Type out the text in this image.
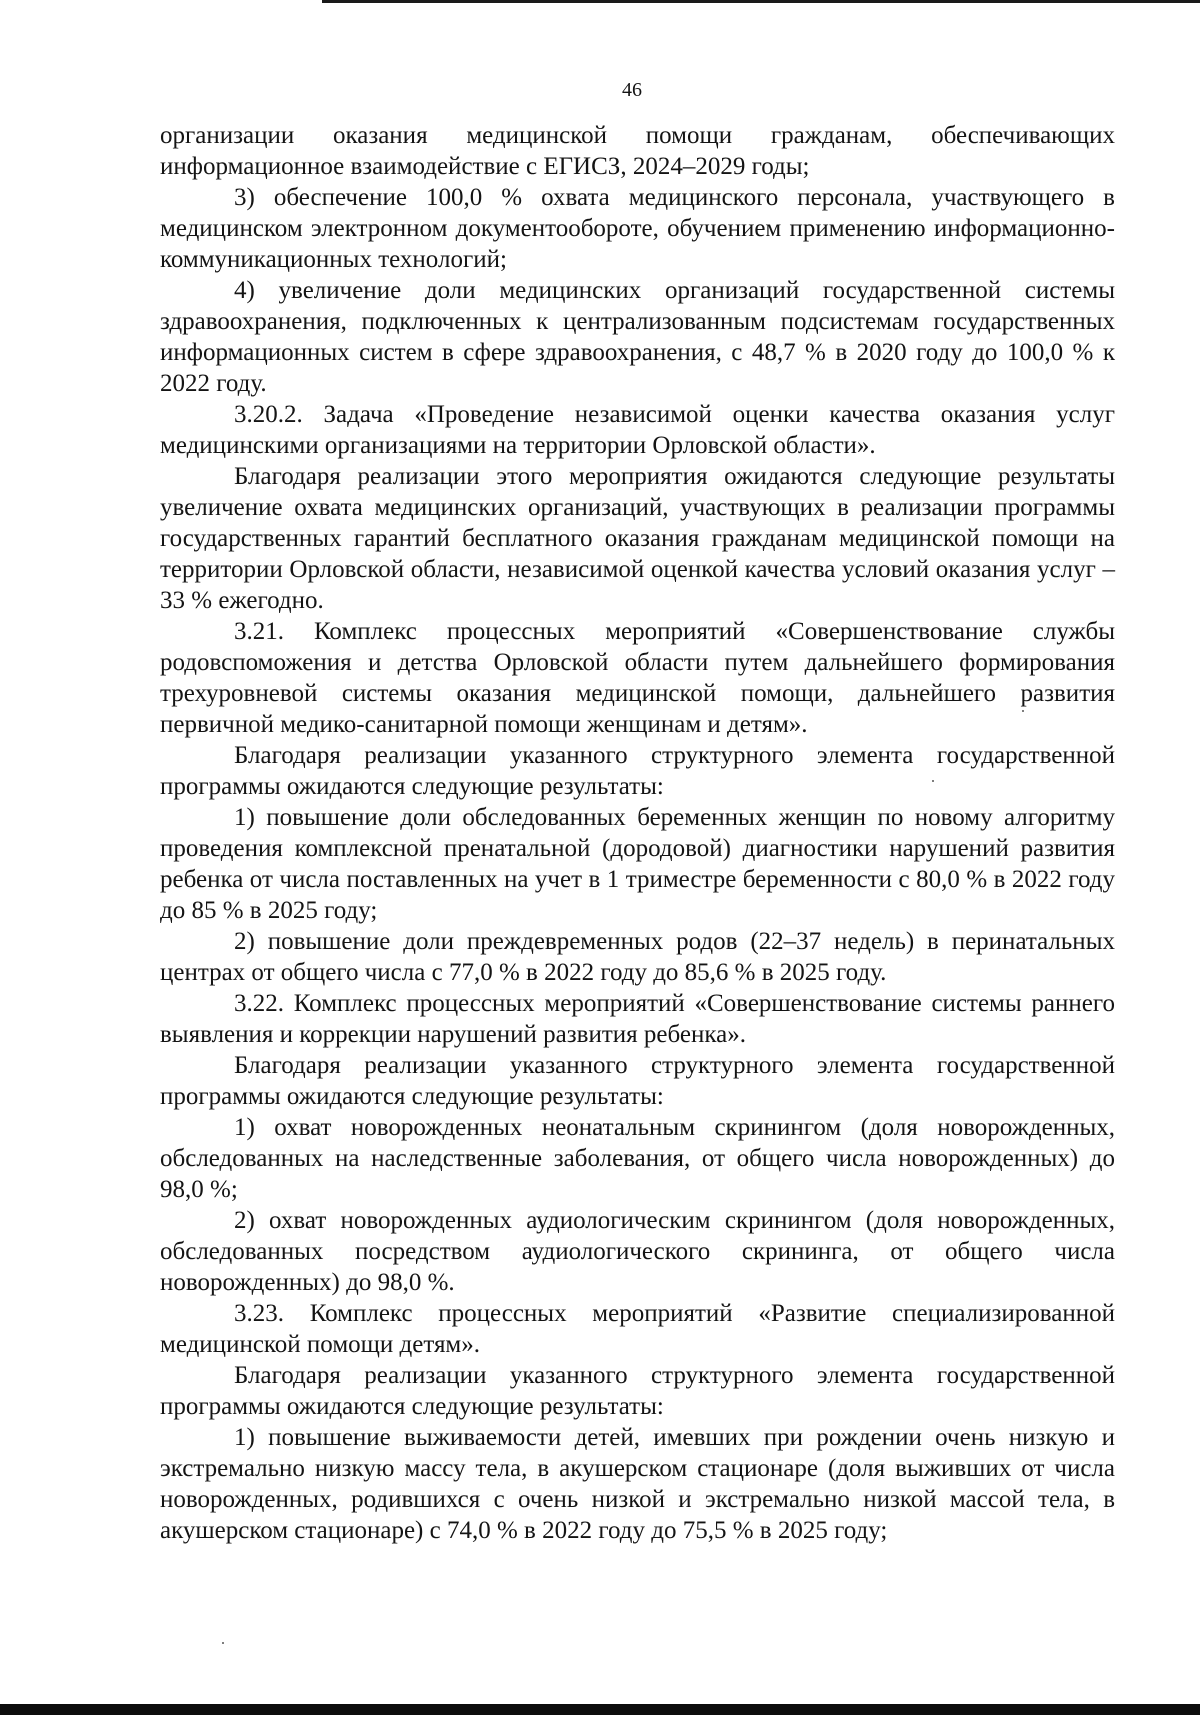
46

организации оказания медицинской помощи гражданам, обеспечивающих информационное взаимодействие с ЕГИСЗ, 2024–2029 годы;

3) обеспечение 100,0 % охвата медицинского персонала, участвующего в медицинском электронном документообороте, обучением применению информационно-коммуникационных технологий;

4) увеличение доли медицинских организаций государственной системы здравоохранения, подключенных к централизованным подсистемам государственных информационных систем в сфере здравоохранения, с 48,7 % в 2020 году до 100,0 % к 2022 году.

3.20.2. Задача «Проведение независимой оценки качества оказания услуг медицинскими организациями на территории Орловской области».

Благодаря реализации этого мероприятия ожидаются следующие результаты увеличение охвата медицинских организаций, участвующих в реализации программы государственных гарантий бесплатного оказания гражданам медицинской помощи на территории Орловской области, независимой оценкой качества условий оказания услуг – 33 % ежегодно.

3.21. Комплекс процессных мероприятий «Совершенствование службы родовспоможения и детства Орловской области путем дальнейшего формирования трехуровневой системы оказания медицинской помощи, дальнейшего развития первичной медико-санитарной помощи женщинам и детям».

Благодаря реализации указанного структурного элемента государственной программы ожидаются следующие результаты:

1) повышение доли обследованных беременных женщин по новому алгоритму проведения комплексной пренатальной (дородовой) диагностики нарушений развития ребенка от числа поставленных на учет в 1 триместре беременности с 80,0 % в 2022 году до 85 % в 2025 году;

2) повышение доли преждевременных родов (22–37 недель) в перинатальных центрах от общего числа с 77,0 % в 2022 году до 85,6 % в 2025 году.

3.22. Комплекс процессных мероприятий «Совершенствование системы раннего выявления и коррекции нарушений развития ребенка».

Благодаря реализации указанного структурного элемента государственной программы ожидаются следующие результаты:

1) охват новорожденных неонатальным скринингом (доля новорожденных, обследованных на наследственные заболевания, от общего числа новорожденных) до 98,0 %;

2) охват новорожденных аудиологическим скринингом (доля новорожденных, обследованных посредством аудиологического скрининга, от общего числа новорожденных) до 98,0 %.

3.23. Комплекс процессных мероприятий «Развитие специализированной медицинской помощи детям».

Благодаря реализации указанного структурного элемента государственной программы ожидаются следующие результаты:

1) повышение выживаемости детей, имевших при рождении очень низкую и экстремально низкую массу тела, в акушерском стационаре (доля выживших от числа новорожденных, родившихся с очень низкой и экстремально низкой массой тела, в акушерском стационаре) с 74,0 % в 2022 году до 75,5 % в 2025 году;
